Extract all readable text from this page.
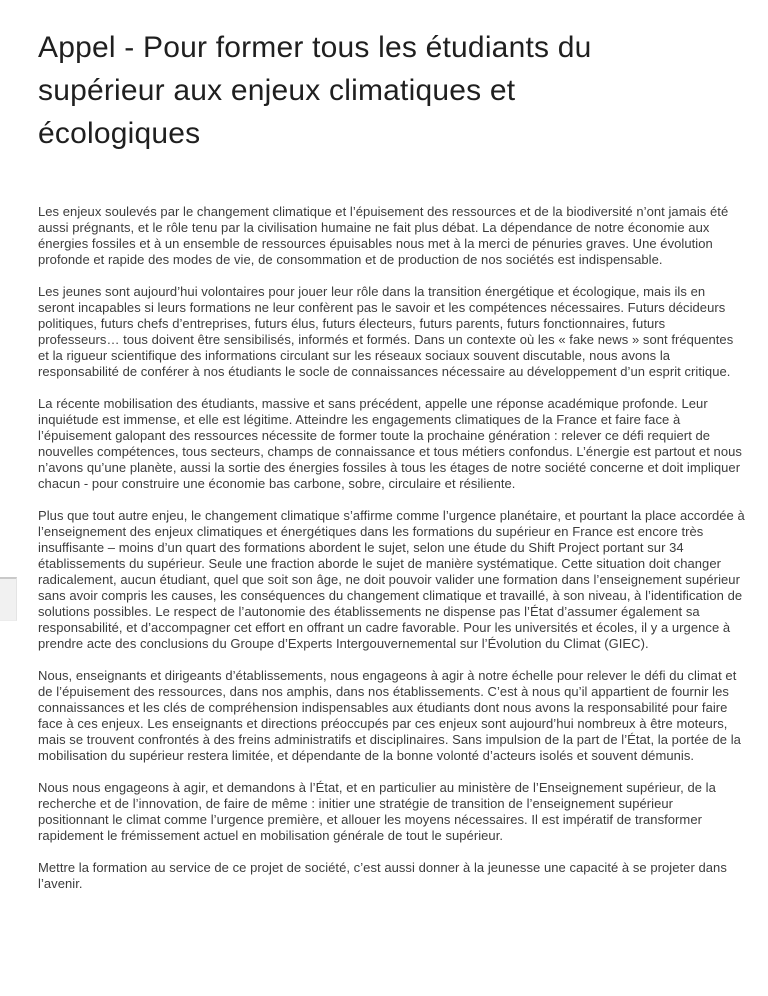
Appel - Pour former tous les étudiants du supérieur aux enjeux climatiques et écologiques

Les enjeux soulevés par le changement climatique et l’épuisement des ressources et de la biodiversité n’ont jamais été aussi prégnants, et le rôle tenu par la civilisation humaine ne fait plus débat. La dépendance de notre économie aux énergies fossiles et à un ensemble de ressources épuisables nous met à la merci de pénuries graves. Une évolution profonde et rapide des modes de vie, de consommation et de production de nos sociétés est indispensable.

Les jeunes sont aujourd’hui volontaires pour jouer leur rôle dans la transition énergétique et écologique, mais ils en seront incapables si leurs formations ne leur confèrent pas le savoir et les compétences nécessaires. Futurs décideurs politiques, futurs chefs d’entreprises, futurs élus, futurs électeurs, futurs parents, futurs fonctionnaires, futurs professeurs… tous doivent être sensibilisés, informés et formés. Dans un contexte où les « fake news » sont fréquentes et la rigueur scientifique des informations circulant sur les réseaux sociaux souvent discutable, nous avons la responsabilité de conférer à nos étudiants le socle de connaissances nécessaire au développement d’un esprit critique.

La récente mobilisation des étudiants, massive et sans précédent, appelle une réponse académique profonde. Leur inquiétude est immense, et elle est légitime. Atteindre les engagements climatiques de la France et faire face à l’épuisement galopant des ressources nécessite de former toute la prochaine génération : relever ce défi requiert de nouvelles compétences, tous secteurs, champs de connaissance et tous métiers confondus. L’énergie est partout et nous n’avons qu’une planète, aussi la sortie des énergies fossiles à tous les étages de notre société concerne et doit impliquer chacun - pour construire une économie bas carbone, sobre, circulaire et résiliente.

Plus que tout autre enjeu, le changement climatique s’affirme comme l’urgence planétaire, et pourtant la place accordée à l’enseignement des enjeux climatiques et énergétiques dans les formations du supérieur en France est encore très insuffisante – moins d’un quart des formations abordent le sujet, selon une étude du Shift Project portant sur 34 établissements du supérieur. Seule une fraction aborde le sujet de manière systématique. Cette situation doit changer radicalement, aucun étudiant, quel que soit son âge, ne doit pouvoir valider une formation dans l’enseignement supérieur sans avoir compris les causes, les conséquences du changement climatique et travaillé, à son niveau, à l’identification de solutions possibles. Le respect de l’autonomie des établissements ne dispense pas l’État d’assumer également sa responsabilité, et d’accompagner cet effort en offrant un cadre favorable. Pour les universités et écoles, il y a urgence à prendre acte des conclusions du Groupe d’Experts Intergouvernemental sur l’Évolution du Climat (GIEC).

Nous, enseignants et dirigeants d’établissements, nous engageons à agir à notre échelle pour relever le défi du climat et de l’épuisement des ressources, dans nos amphis, dans nos établissements. C’est à nous qu’il appartient de fournir les connaissances et les clés de compréhension indispensables aux étudiants dont nous avons la responsabilité pour faire face à ces enjeux. Les enseignants et directions préoccupés par ces enjeux sont aujourd’hui nombreux à être moteurs, mais se trouvent confrontés à des freins administratifs et disciplinaires. Sans impulsion de la part de l’État, la portée de la mobilisation du supérieur restera limitée, et dépendante de la bonne volonté d’acteurs isolés et souvent démunis.

Nous nous engageons à agir, et demandons à l’État, et en particulier au ministère de l’Enseignement supérieur, de la recherche et de l’innovation, de faire de même : initier une stratégie de transition de l’enseignement supérieur positionnant le climat comme l’urgence première, et allouer les moyens nécessaires. Il est impératif de transformer rapidement le frémissement actuel en mobilisation générale de tout le supérieur.

Mettre la formation au service de ce projet de société, c’est aussi donner à la jeunesse une capacité à se projeter dans l’avenir.
